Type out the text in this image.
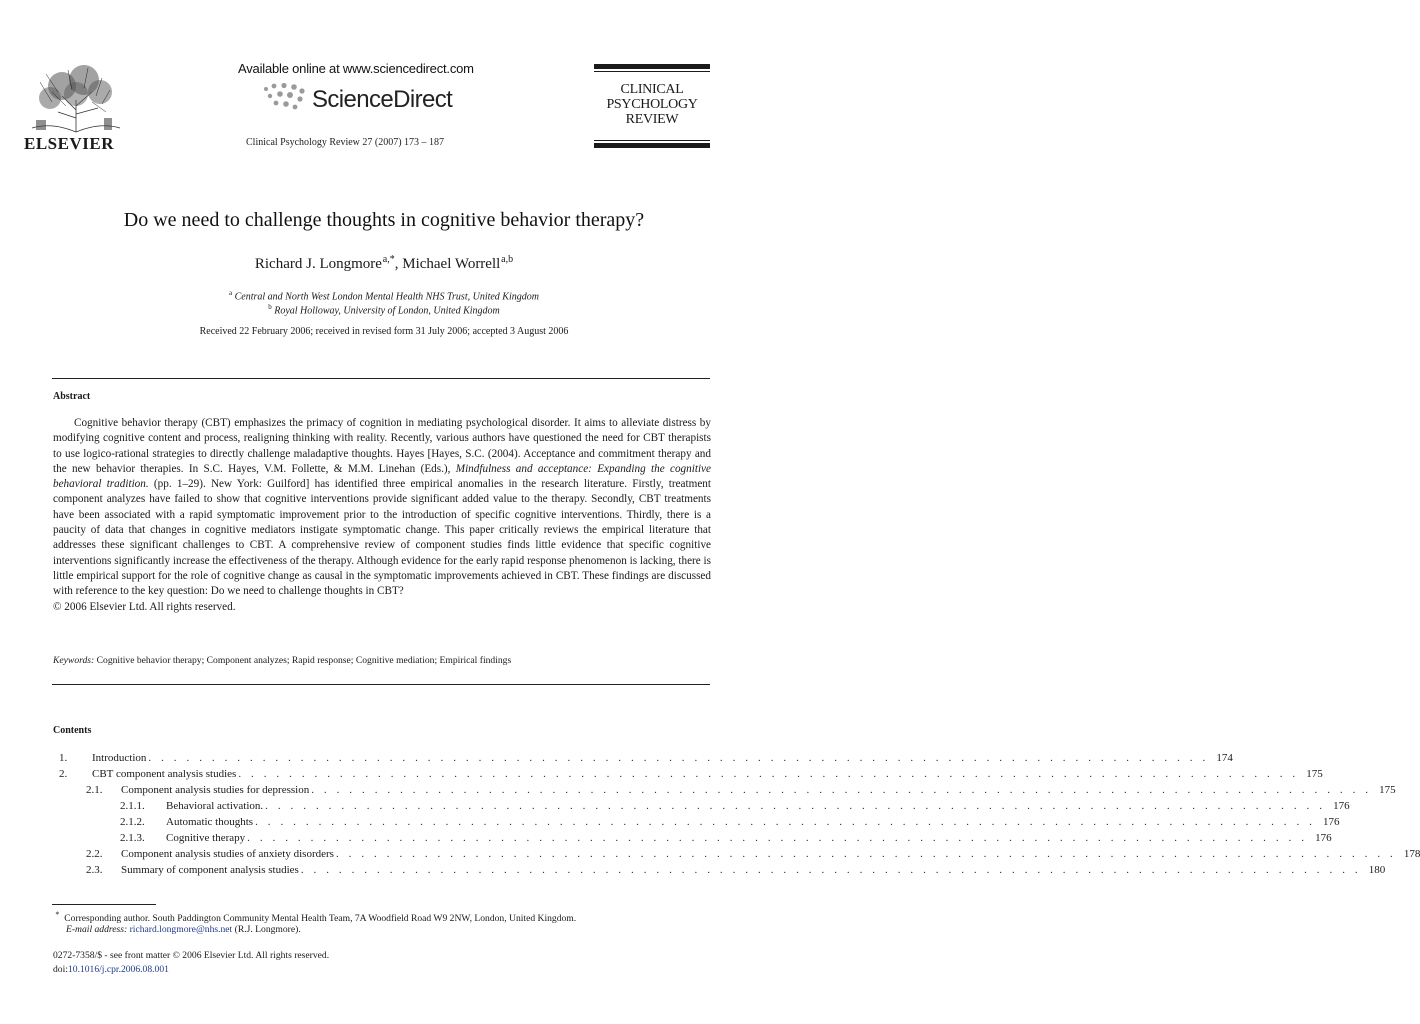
ELSEVIER
Available online at www.sciencedirect.com
ScienceDirect
Clinical Psychology Review 27 (2007) 173 – 187
CLINICAL
PSYCHOLOGY
REVIEW
Do we need to challenge thoughts in cognitive behavior therapy?
Richard J. Longmore $^{a,*}$, Michael Worrell $^{a,b}$
$^a$ Central and North West London Mental Health NHS Trust, United Kingdom
$^b$ Royal Holloway, University of London, United Kingdom
Received 22 February 2006; received in revised form 31 July 2006; accepted 3 August 2006
Abstract

Cognitive behavior therapy (CBT) emphasizes the primacy of cognition in mediating psychological disorder. It aims to alleviate distress by modifying cognitive content and process, realigning thinking with reality. Recently, various authors have questioned the need for CBT therapists to use logico-rational strategies to directly challenge maladaptive thoughts. Hayes [Hayes, S.C. (2004). Acceptance and commitment therapy and the new behavior therapies. In S.C. Hayes, V.M. Follette, & M.M. Linehan (Eds.), Mindfulness and acceptance: Expanding the cognitive behavioral tradition. (pp. 1–29). New York: Guilford] has identified three empirical anomalies in the research literature. Firstly, treatment component analyzes have failed to show that cognitive interventions provide significant added value to the therapy. Secondly, CBT treatments have been associated with a rapid symptomatic improvement prior to the introduction of specific cognitive interventions. Thirdly, there is a paucity of data that changes in cognitive mediators instigate symptomatic change. This paper critically reviews the empirical literature that addresses these significant challenges to CBT. A comprehensive review of component studies finds little evidence that specific cognitive interventions significantly increase the effectiveness of the therapy. Although evidence for the early rapid response phenomenon is lacking, there is little empirical support for the role of cognitive change as causal in the symptomatic improvements achieved in CBT. These findings are discussed with reference to the key question: Do we need to challenge thoughts in CBT?

© 2006 Elsevier Ltd. All rights reserved.

Keywords: Cognitive behavior therapy; Component analyzes; Rapid response; Cognitive mediation; Empirical findings
Contents
1.	Introduction . . . . . . . . . . . . . . . . . . . . . . . . . . . . . . . . . . . . . . . . . . . . . . . . . . . . . . . . . . . . . . . . . . . . . . . . . . . . . . . . . . . . 174
2.	CBT component analysis studies . . . . . . . . . . . . . . . . . . . . . . . . . . . . . . . . . . . . . . . . . . . . . . . . . . . . . . . . . . . . . . . . . . . . . . . . . . . . . . . . . . . . 175
2.1.	Component analysis studies for depression . . . . . . . . . . . . . . . . . . . . . . . . . . . . . . . . . . . . . . . . . . . . . . . . . . . . . . . . . . . . . . . . . . . . . . . . . . . . . . . . . . . . 175
2.1.1.	Behavioral activation. . . . . . . . . . . . . . . . . . . . . . . . . . . . . . . . . . . . . . . . . . . . . . . . . . . . . . . . . . . . . . . . . . . . . . . . . . . . . . . . . . . . . 176
2.1.2.	Automatic thoughts . . . . . . . . . . . . . . . . . . . . . . . . . . . . . . . . . . . . . . . . . . . . . . . . . . . . . . . . . . . . . . . . . . . . . . . . . . . . . . . . . . . . 176
2.1.3.	Cognitive therapy . . . . . . . . . . . . . . . . . . . . . . . . . . . . . . . . . . . . . . . . . . . . . . . . . . . . . . . . . . . . . . . . . . . . . . . . . . . . . . . . . . . . 176
2.2.	Component analysis studies of anxiety disorders . . . . . . . . . . . . . . . . . . . . . . . . . . . . . . . . . . . . . . . . . . . . . . . . . . . . . . . . . . . . . . . . . . . . . . . . . . . . . . . . . . . . 178
2.3.	Summary of component analysis studies . . . . . . . . . . . . . . . . . . . . . . . . . . . . . . . . . . . . . . . . . . . . . . . . . . . . . . . . . . . . . . . . . . . . . . . . . . . . . . . . . . . . 180
* Corresponding author. South Paddington Community Mental Health Team, 7A Woodfield Road W9 2NW, London, United Kingdom.
E-mail address: richard.longmore@nhs.net (R.J. Longmore).
0272-7358/$ - see front matter © 2006 Elsevier Ltd. All rights reserved.
doi:10.1016/j.cpr.2006.08.001
